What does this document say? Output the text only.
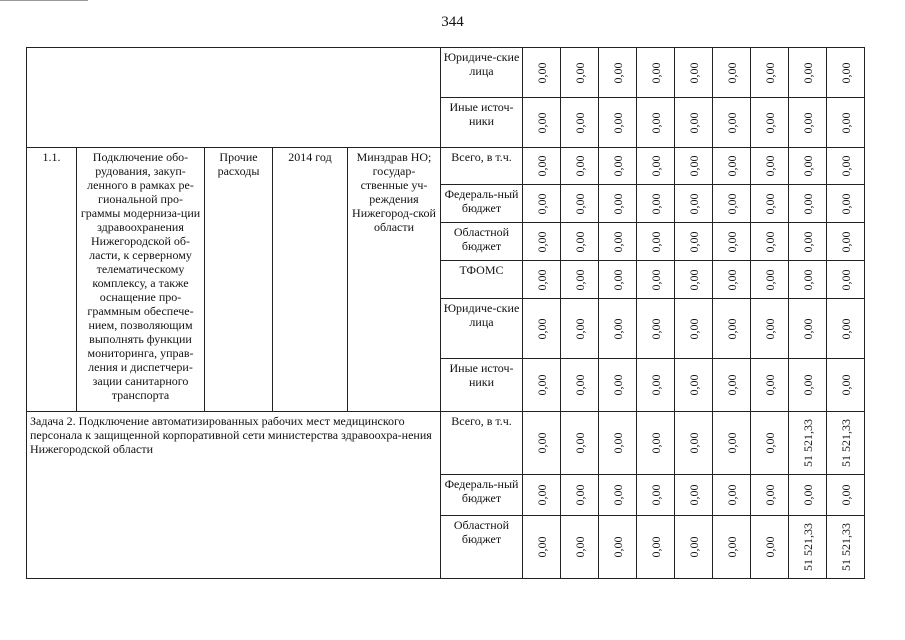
344
					Юридиче-ские лица	0,00	0,00	0,00	0,00	0,00	0,00	0,00	0,00	0,00

					Иные источ-ники	0,00	0,00	0,00	0,00	0,00	0,00	0,00	0,00	0,00

1.1.	Подключение обо-рудования, закуп-ленного в рамках ре-гиональной про-граммы модерниза-ции здравоохранения Нижегородской об-ласти, к серверному телематическому комплексу, а также оснащение про-граммным обеспече-нием, позволяющим выполнять функции мониторинга, управ-ления и диспетчери-зации санитарного транспорта	Прочие расходы	2014 год	Минздрав НО; государ-ственные уч-реждения Нижегород-ской области	Всего, в т.ч.	0,00	0,00	0,00	0,00	0,00	0,00	0,00	0,00	0,00

					Федераль-ный бюджет	0,00	0,00	0,00	0,00	0,00	0,00	0,00	0,00	0,00

					Областной бюджет	0,00	0,00	0,00	0,00	0,00	0,00	0,00	0,00	0,00

					ТФОМС	0,00	0,00	0,00	0,00	0,00	0,00	0,00	0,00	0,00

					Юридиче-ские лица	0,00	0,00	0,00	0,00	0,00	0,00	0,00	0,00	0,00

					Иные источ-ники	0,00	0,00	0,00	0,00	0,00	0,00	0,00	0,00	0,00

Задача 2. Подключение автоматизированных рабочих мест медицинского персонала к защищенной корпоративной сети министерства здравоохра-нения Нижегородской области					Всего, в т.ч.	0,00	0,00	0,00	0,00	0,00	0,00	0,00	51 521,33	51 521,33

					Федераль-ный бюджет	0,00	0,00	0,00	0,00	0,00	0,00	0,00	0,00	0,00

					Областной бюджет	0,00	0,00	0,00	0,00	0,00	0,00	0,00	51 521,33	51 521,33
